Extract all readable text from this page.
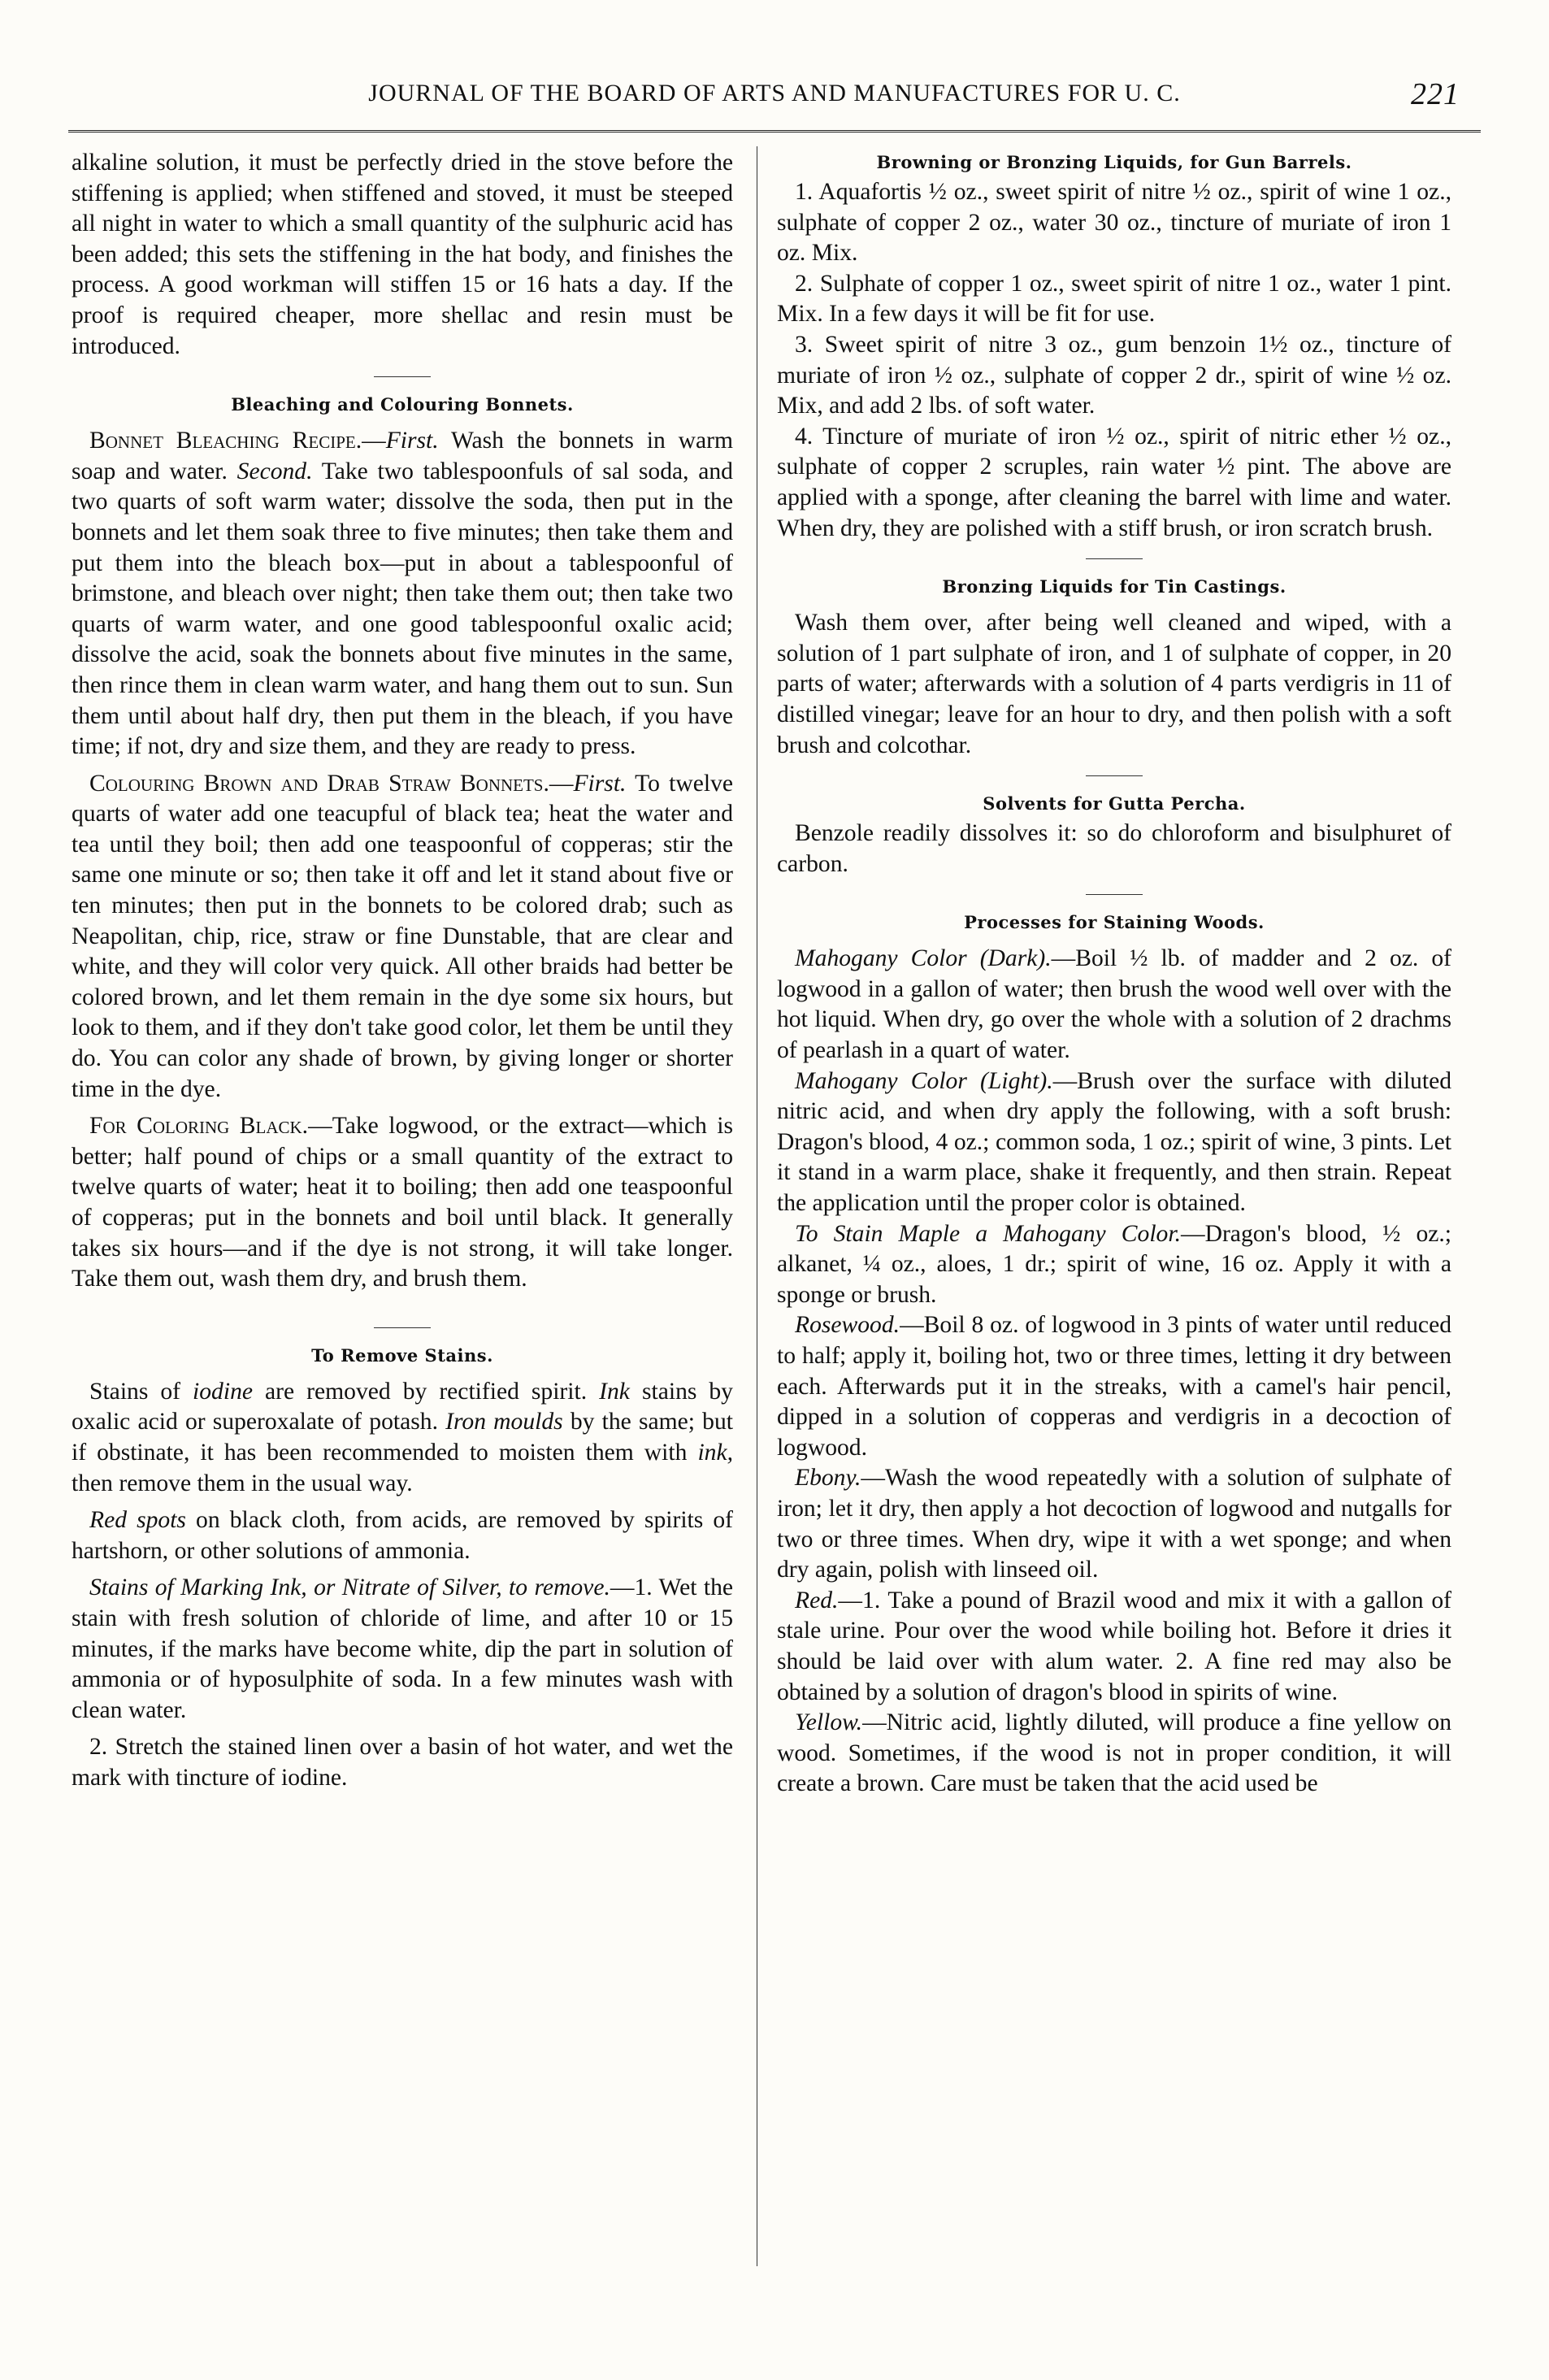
JOURNAL OF THE BOARD OF ARTS AND MANUFACTURES FOR U. C.	221

alkaline solution, it must be perfectly dried in the stove before the stiffening is applied; when stiffened and stoved, it must be steeped all night in water to which a small quantity of the sulphuric acid has been added; this sets the stiffening in the hat body, and finishes the process. A good workman will stiffen 15 or 16 hats a day. If the proof is required cheaper, more shellac and resin must be introduced.

Bleaching and Colouring Bonnets.

Bonnet Bleaching Recipe.—First. Wash the bonnets in warm soap and water. Second. Take two tablespoonfuls of sal soda, and two quarts of soft warm water; dissolve the soda, then put in the bonnets and let them soak three to five minutes; then take them and put them into the bleach box—put in about a tablespoonful of brimstone, and bleach over night; then take them out; then take two quarts of warm water, and one good tablespoonful oxalic acid; dissolve the acid, soak the bonnets about five minutes in the same, then rince them in clean warm water, and hang them out to sun. Sun them until about half dry, then put them in the bleach, if you have time; if not, dry and size them, and they are ready to press.

Colouring Brown and Drab Straw Bonnets.—First. To twelve quarts of water add one teacupful of black tea; heat the water and tea until they boil; then add one teaspoonful of copperas; stir the same one minute or so; then take it off and let it stand about five or ten minutes; then put in the bonnets to be colored drab; such as Neapolitan, chip, rice, straw or fine Dunstable, that are clear and white, and they will color very quick. All other braids had better be colored brown, and let them remain in the dye some six hours, but look to them, and if they don't take good color, let them be until they do. You can color any shade of brown, by giving longer or shorter time in the dye.

For Coloring Black.—Take logwood, or the extract—which is better; half pound of chips or a small quantity of the extract to twelve quarts of water; heat it to boiling; then add one teaspoonful of copperas; put in the bonnets and boil until black. It generally takes six hours—and if the dye is not strong, it will take longer. Take them out, wash them dry, and brush them.

To Remove Stains.

Stains of iodine are removed by rectified spirit. Ink stains by oxalic acid or superoxalate of potash. Iron moulds by the same; but if obstinate, it has been recommended to moisten them with ink, then remove them in the usual way.

Red spots on black cloth, from acids, are removed by spirits of hartshorn, or other solutions of ammonia.

Stains of Marking Ink, or Nitrate of Silver, to remove.—1. Wet the stain with fresh solution of chloride of lime, and after 10 or 15 minutes, if the marks have become white, dip the part in solution of ammonia or of hyposulphite of soda. In a few minutes wash with clean water.

2. Stretch the stained linen over a basin of hot water, and wet the mark with tincture of iodine.

Browning or Bronzing Liquids, for Gun Barrels.

1. Aquafortis ½ oz., sweet spirit of nitre ½ oz., spirit of wine 1 oz., sulphate of copper 2 oz., water 30 oz., tincture of muriate of iron 1 oz. Mix.

2. Sulphate of copper 1 oz., sweet spirit of nitre 1 oz., water 1 pint. Mix. In a few days it will be fit for use.

3. Sweet spirit of nitre 3 oz., gum benzoin 1½ oz., tincture of muriate of iron ½ oz., sulphate of copper 2 dr., spirit of wine ½ oz. Mix, and add 2 lbs. of soft water.

4. Tincture of muriate of iron ½ oz., spirit of nitric ether ½ oz., sulphate of copper 2 scruples, rain water ½ pint. The above are applied with a sponge, after cleaning the barrel with lime and water. When dry, they are polished with a stiff brush, or iron scratch brush.

Bronzing Liquids for Tin Castings.

Wash them over, after being well cleaned and wiped, with a solution of 1 part sulphate of iron, and 1 of sulphate of copper, in 20 parts of water; afterwards with a solution of 4 parts verdigris in 11 of distilled vinegar; leave for an hour to dry, and then polish with a soft brush and colcothar.

Solvents for Gutta Percha.

Benzole readily dissolves it: so do chloroform and bisulphuret of carbon.

Processes for Staining Woods.

Mahogany Color (Dark).—Boil ½ lb. of madder and 2 oz. of logwood in a gallon of water; then brush the wood well over with the hot liquid. When dry, go over the whole with a solution of 2 drachms of pearlash in a quart of water.

Mahogany Color (Light).—Brush over the surface with diluted nitric acid, and when dry apply the following, with a soft brush: Dragon's blood, 4 oz.; common soda, 1 oz.; spirit of wine, 3 pints. Let it stand in a warm place, shake it frequently, and then strain. Repeat the application until the proper color is obtained.

To Stain Maple a Mahogany Color.—Dragon's blood, ½ oz.; alkanet, ¼ oz., aloes, 1 dr.; spirit of wine, 16 oz. Apply it with a sponge or brush.

Rosewood.—Boil 8 oz. of logwood in 3 pints of water until reduced to half; apply it, boiling hot, two or three times, letting it dry between each. Afterwards put it in the streaks, with a camel's hair pencil, dipped in a solution of copperas and verdigris in a decoction of logwood.

Ebony.—Wash the wood repeatedly with a solution of sulphate of iron; let it dry, then apply a hot decoction of logwood and nutgalls for two or three times. When dry, wipe it with a wet sponge; and when dry again, polish with linseed oil.

Red.—1. Take a pound of Brazil wood and mix it with a gallon of stale urine. Pour over the wood while boiling hot. Before it dries it should be laid over with alum water. 2. A fine red may also be obtained by a solution of dragon's blood in spirits of wine.

Yellow.—Nitric acid, lightly diluted, will produce a fine yellow on wood. Sometimes, if the wood is not in proper condition, it will create a brown. Care must be taken that the acid used be
